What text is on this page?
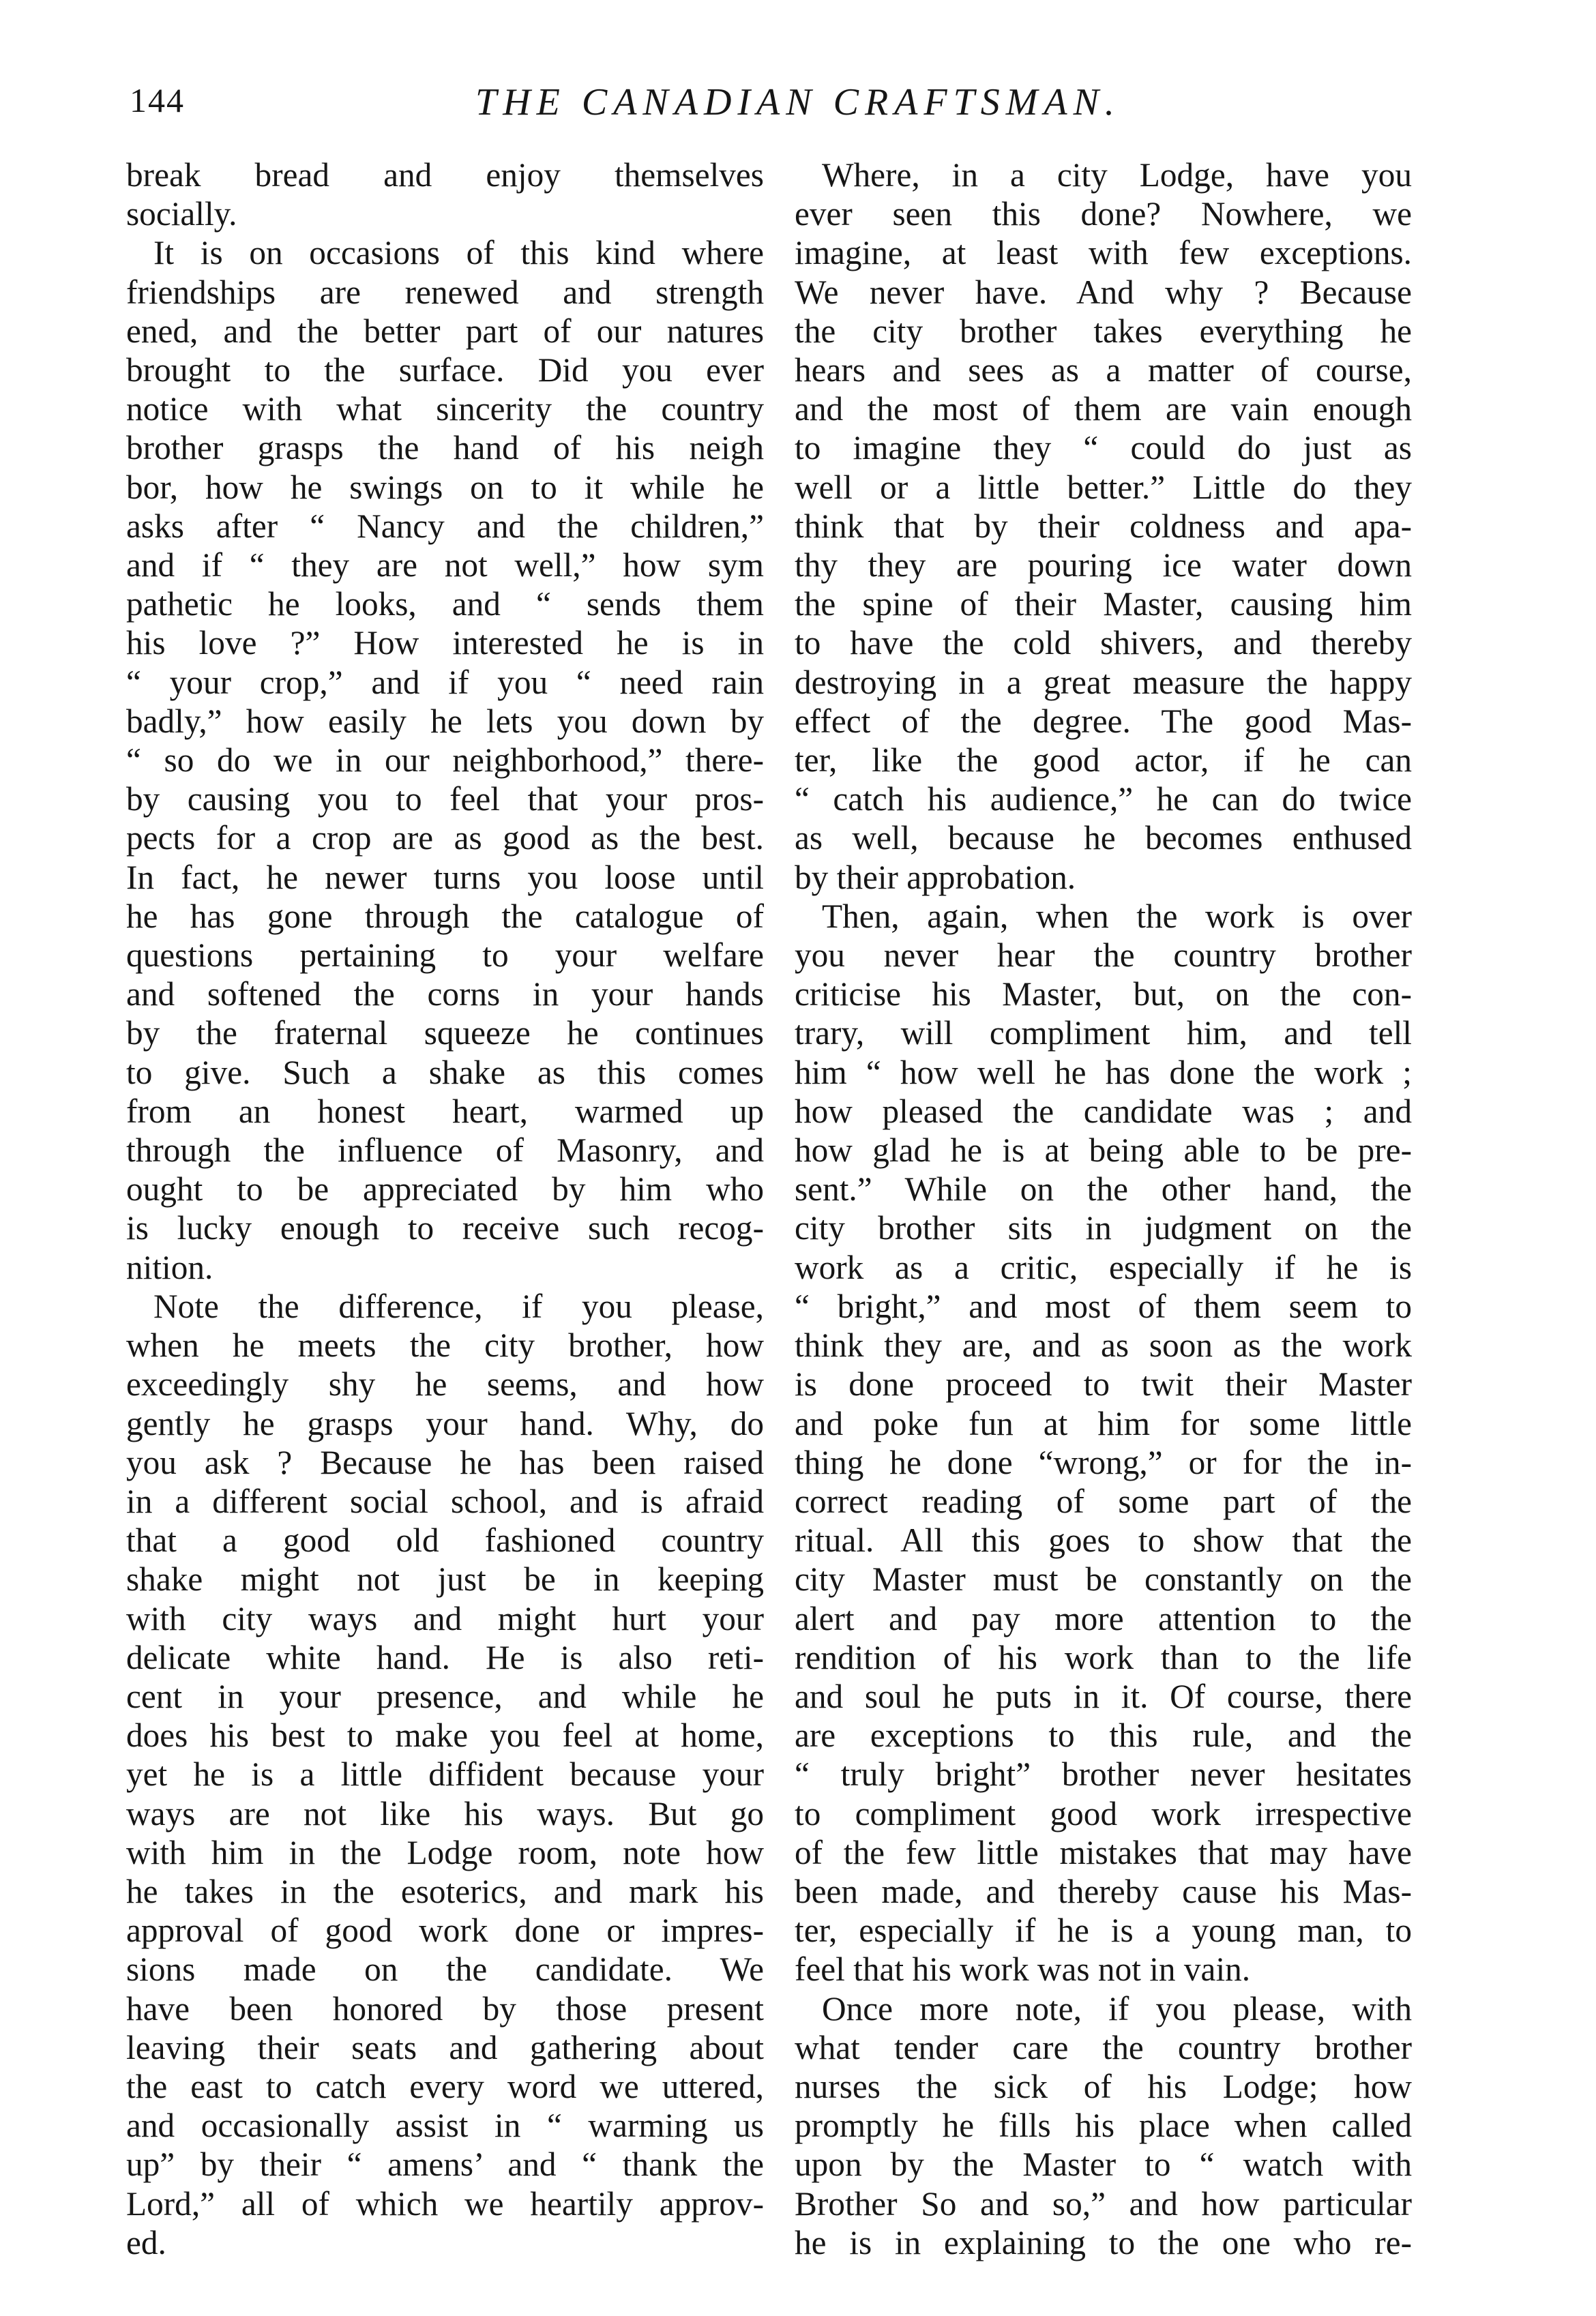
144	THE CANADIAN CRAFTSMAN.

break bread and enjoy themselves

socially.

It is on occasions of this kind where

friendships are renewed and strength

ened, and the better part of our natures

brought to the surface. Did you ever

notice with what sincerity the country

brother grasps the hand of his neigh

bor, how he swings on to it while he

asks after “ Nancy and the children,”

and if “ they are not well,” how sym

pathetic he looks, and “ sends them

his love ?” How interested he is in

“ your crop,” and if you “ need rain

badly,” how easily he lets you down by

“ so do we in our neighborhood,” there-

by causing you to feel that your pros-

pects for a crop are as good as the best.

In fact, he newer turns you loose until

he has gone through the catalogue of

questions pertaining to your welfare

and softened the corns in your hands

by the fraternal squeeze he continues

to give. Such a shake as this comes

from an honest heart, warmed up

through the influence of Masonry, and

ought to be appreciated by him who

is lucky enough to receive such recog-

nition.

Note the difference, if you please,

when he meets the city brother, how

exceedingly shy he seems, and how

gently he grasps your hand. Why, do

you ask ? Because he has been raised

in a different social school, and is afraid

that a good old fashioned country

shake might not just be in keeping

with city ways and might hurt your

delicate white hand. He is also reti-

cent in your presence, and while he

does his best to make you feel at home,

yet he is a little diffident because your

ways are not like his ways. But go

with him in the Lodge room, note how

he takes in the esoterics, and mark his

approval of good work done or impres-

sions made on the candidate. We

have been honored by those present

leaving their seats and gathering about

the east to catch every word we uttered,

and occasionally assist in “ warming us

up” by their “ amens’ and “ thank the

Lord,” all of which we heartily approv-

ed.

Where, in a city Lodge, have you

ever seen this done? Nowhere, we

imagine, at least with few exceptions.

We never have. And why ? Because

the city brother takes everything he

hears and sees as a matter of course,

and the most of them are vain enough

to imagine they “ could do just as

well or a little better.” Little do they

think that by their coldness and apa-

thy they are pouring ice water down

the spine of their Master, causing him

to have the cold shivers, and thereby

destroying in a great measure the happy

effect of the degree. The good Mas-

ter, like the good actor, if he can

“ catch his audience,” he can do twice

as well, because he becomes enthused

by their approbation.

Then, again, when the work is over

you never hear the country brother

criticise his Master, but, on the con-

trary, will compliment him, and tell

him “ how well he has done the work ;

how pleased the candidate was ; and

how glad he is at being able to be pre-

sent.” While on the other hand, the

city brother sits in judgment on the

work as a critic, especially if he is

“ bright,” and most of them seem to

think they are, and as soon as the work

is done proceed to twit their Master

and poke fun at him for some little

thing he done “wrong,” or for the in-

correct reading of some part of the

ritual. All this goes to show that the

city Master must be constantly on the

alert and pay more attention to the

rendition of his work than to the life

and soul he puts in it. Of course, there

are exceptions to this rule, and the

“ truly bright” brother never hesitates

to compliment good work irrespective

of the few little mistakes that may have

been made, and thereby cause his Mas-

ter, especially if he is a young man, to

feel that his work was not in vain.

Once more note, if you please, with

what tender care the country brother

nurses the sick of his Lodge; how

promptly he fills his place when called

upon by the Master to “ watch with

Brother So and so,” and how particular

he is in explaining to the one who re-
